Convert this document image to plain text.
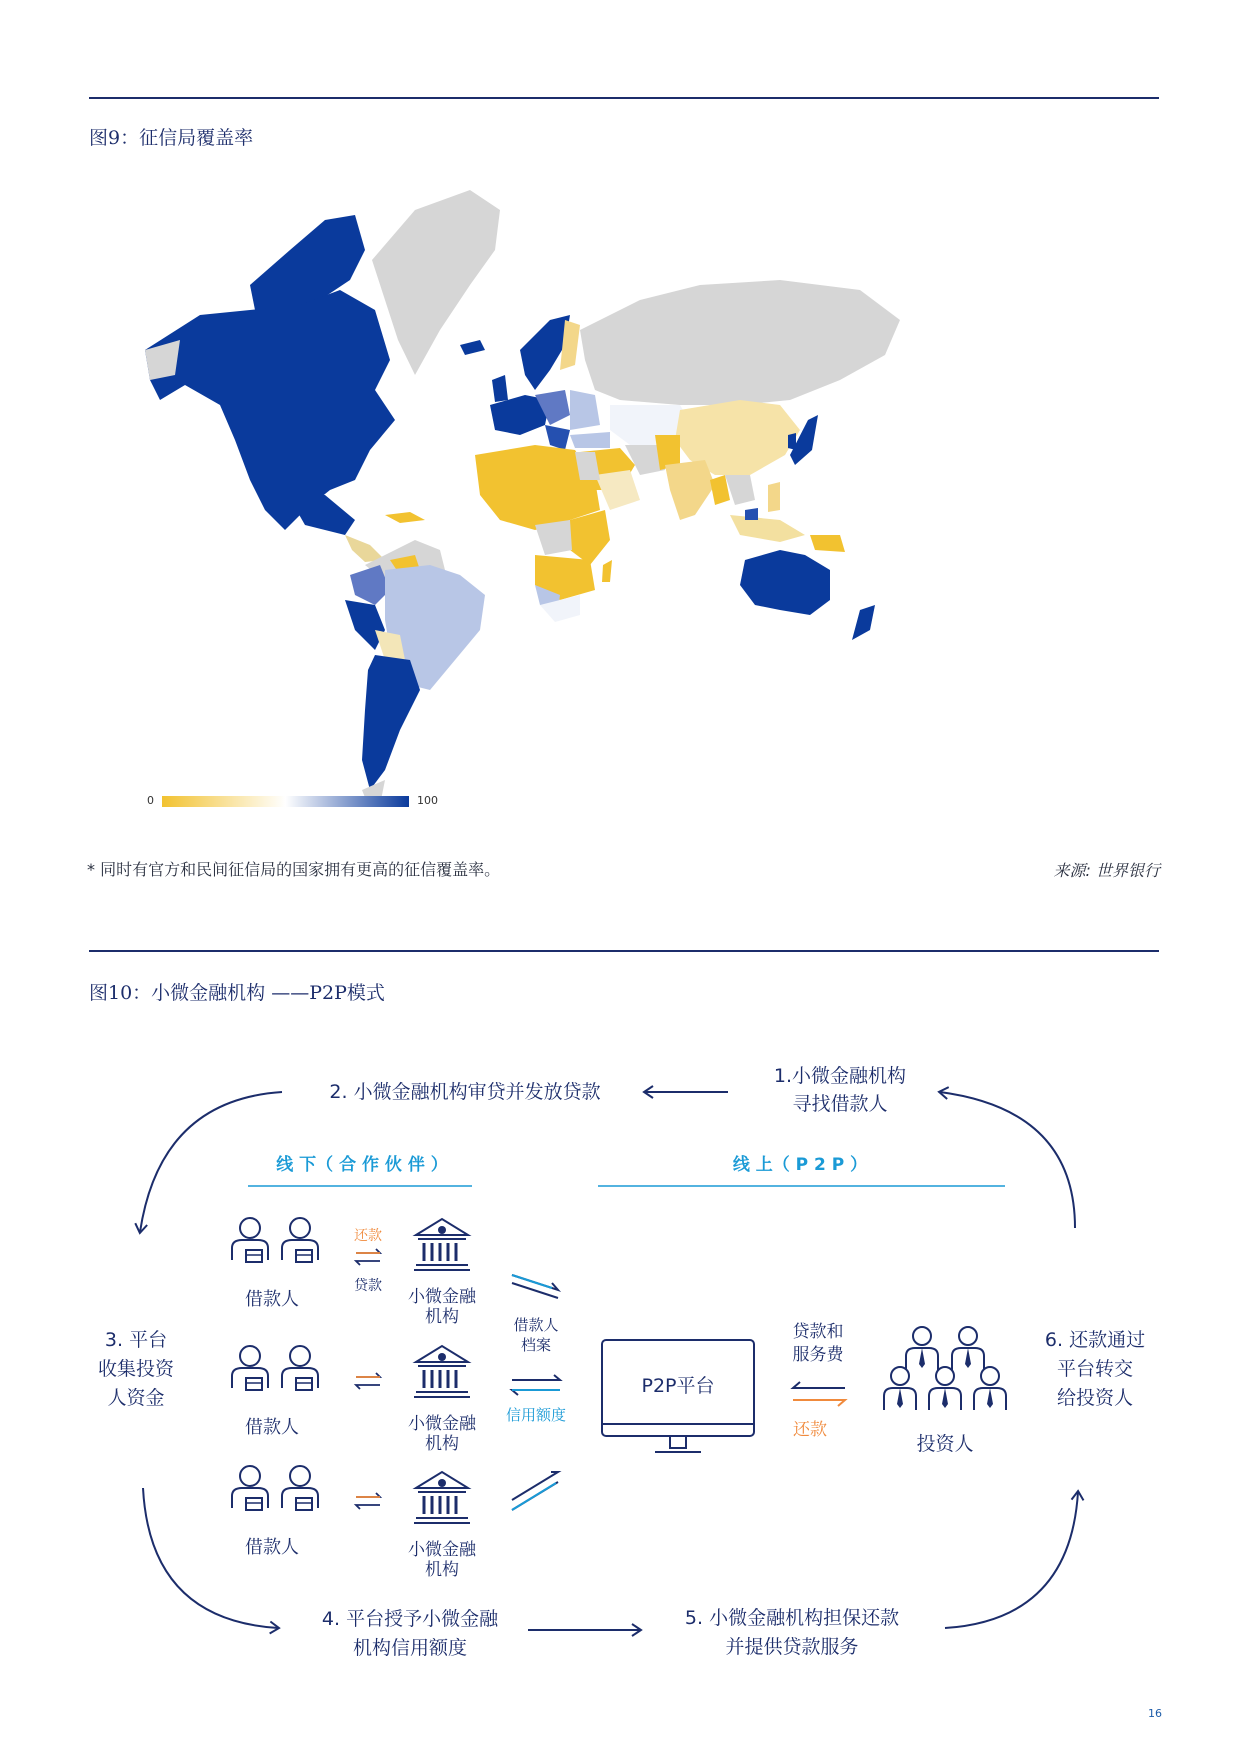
图9：征信局覆盖率
0	100
* 同时有官方和民间征信局的国家拥有更高的征信覆盖率。	来源: 世界银行
图10：小微金融机构 ——P2P模式
1.小微金融机构
寻找借款人
2. 小微金融机构审贷并发放贷款
3. 平台
收集投资
人资金
4. 平台授予小微金融
机构信用额度
5. 小微金融机构担保还款
并提供贷款服务
6. 还款通过
平台转交
给投资人
线 下（ 合 作 伙 伴 ）	线 上（ P 2 P ）
借款人
借款人
借款人
还款
贷款
小微金融
机构
小微金融
机构
小微金融
机构
借款人
档案
信用额度
P2P平台
贷款和
服务费
还款
投资人
16
